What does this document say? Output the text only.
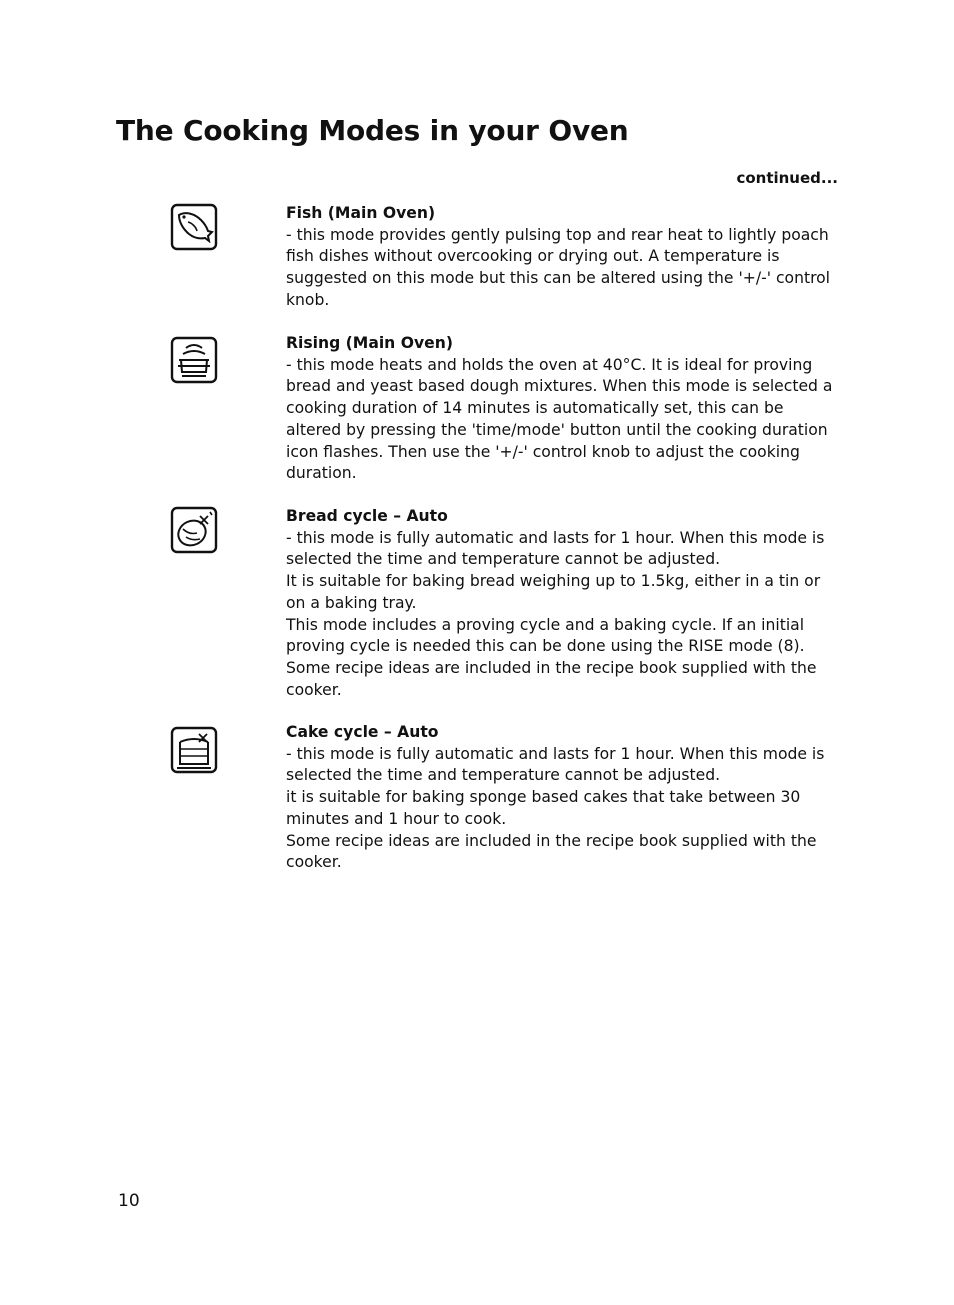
The Cooking Modes in your Oven
continued...
Fish (Main Oven)
- this mode provides gently pulsing top and rear heat to lightly poach fish dishes without overcooking or drying out. A temperature is suggested on this mode but this can be altered using the '+/-' control knob.
Rising (Main Oven)
- this mode heats and holds the oven at 40°C. It is ideal for proving bread and yeast based dough mixtures. When this mode is selected a cooking duration of 14 minutes is automatically set, this can be altered by pressing the 'time/mode' button until the cooking duration icon flashes. Then use the '+/-' control knob to adjust the cooking duration.
Bread cycle – Auto
- this mode is fully automatic and lasts for 1 hour. When this mode is selected the time and temperature cannot be adjusted.
It is suitable for baking bread weighing up to 1.5kg, either in a tin or on a baking tray.
This mode includes a proving cycle and a baking cycle. If an initial proving cycle is needed this can be done using the RISE mode (8). Some recipe ideas are included in the recipe book supplied with the cooker.
Cake cycle – Auto
- this mode is fully automatic and lasts for 1 hour. When this mode is selected the time and temperature cannot be adjusted.
it is suitable for baking sponge based cakes that take between 30 minutes and 1 hour to cook.
Some recipe ideas are included in the recipe book supplied with the cooker.
10
